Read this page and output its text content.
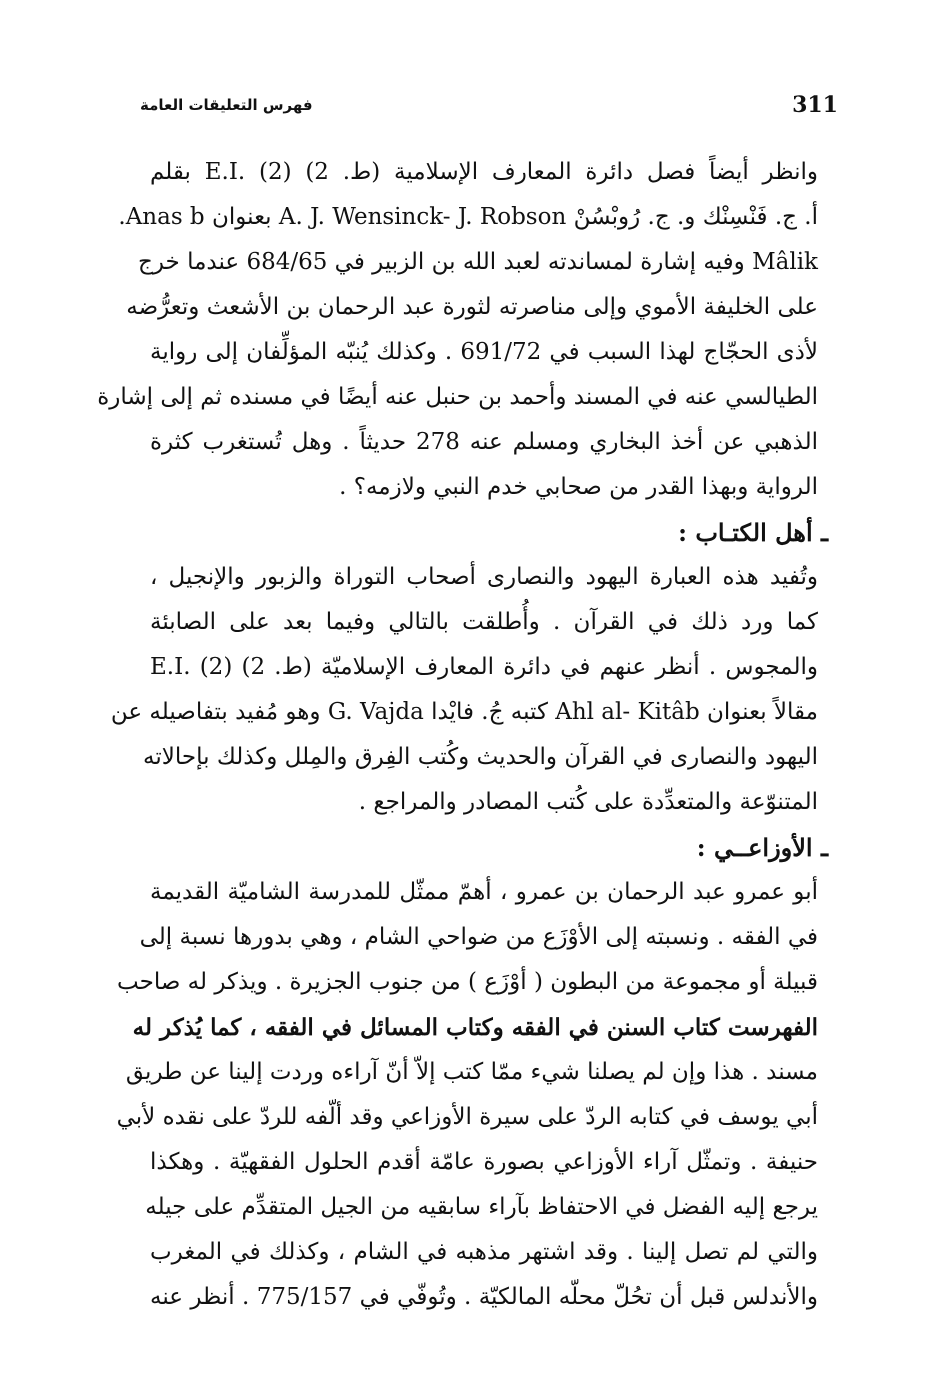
311
فهرس التعليقات العامة
وانظر أيضاً فصل دائرة المعارف الإسلامية (ط. 2) (2) .E.I بقلم
أ. ج. فَنْسِنْك و. ج. رُوبْسُنْ A. J. Wensinck- J. Robson بعنوان Anas b.
Mâlik وفيه إشارة لمساندته لعبد الله بن الزبير في 684/65 عندما خرج
على الخليفة الأموي وإلى مناصرته لثورة عبد الرحمان بن الأشعث وتعرُّضه
لأذى الحجّاج لهذا السبب في 691/72 . وكذلك يُنبّه المؤلِّفان إلى رواية
الطيالسي عنه في المسند وأحمد بن حنبل عنه أيضًا في مسنده ثم إلى إشارة
الذهبي عن أخذ البخاري ومسلم عنه 278 حديثاً . وهل تُستغرب كثرة
الرواية وبهذا القدر من صحابي خدم النبي ولازمه؟ .
ـ أهل الكتـاب :
وتُفيد هذه العبارة اليهود والنصارى أصحاب التوراة والزبور والإنجيل ،
كما ورد ذلك في القرآن . وأُطلقت بالتالي وفيما بعد على الصابئة
والمجوس . أنظر عنهم في دائرة المعارف الإسلاميّة (ط. 2) (2) .E.I
مقالاً بعنوان Ahl al- Kitâb كتبه جُ. فايْدا G. Vajda وهو مُفيد بتفاصيله عن
اليهود والنصارى في القرآن والحديث وكُتب الفِرق والمِلل وكذلك بإحالاته
المتنوّعة والمتعدِّدة على كُتب المصادر والمراجع .
ـ الأوزاعــي :
أبو عمرو عبد الرحمان بن عمرو ، أهمّ ممثّل للمدرسة الشاميّة القديمة
في الفقه . ونسبته إلى الأوْزَع من ضواحي الشام ، وهي بدورها نسبة إلى
قبيلة أو مجموعة من البطون ( أوْزَع ) من جنوب الجزيرة . ويذكر له صاحب
الفهرست كتاب السنن في الفقه وكتاب المسائل في الفقه ، كما يُذكر له
مسند . هذا وإن لم يصلنا شيء ممّا كتب إلاّ أنّ آراءه وردت إلينا عن طريق
أبي يوسف في كتابه الردّ على سيرة الأوزاعي وقد ألّفه للردّ على نقده لأبي
حنيفة . وتمثّل آراء الأوزاعي بصورة عامّة أقدم الحلول الفقهيّة . وهكذا
يرجع إليه الفضل في الاحتفاظ بآراء سابقيه من الجيل المتقدِّم على جيله
والتي لم تصل إلينا . وقد اشتهر مذهبه في الشام ، وكذلك في المغرب
والأندلس قبل أن تحُلّ محلّه المالكيّة . وتُوفّي في 775/157 . أنظر عنه
